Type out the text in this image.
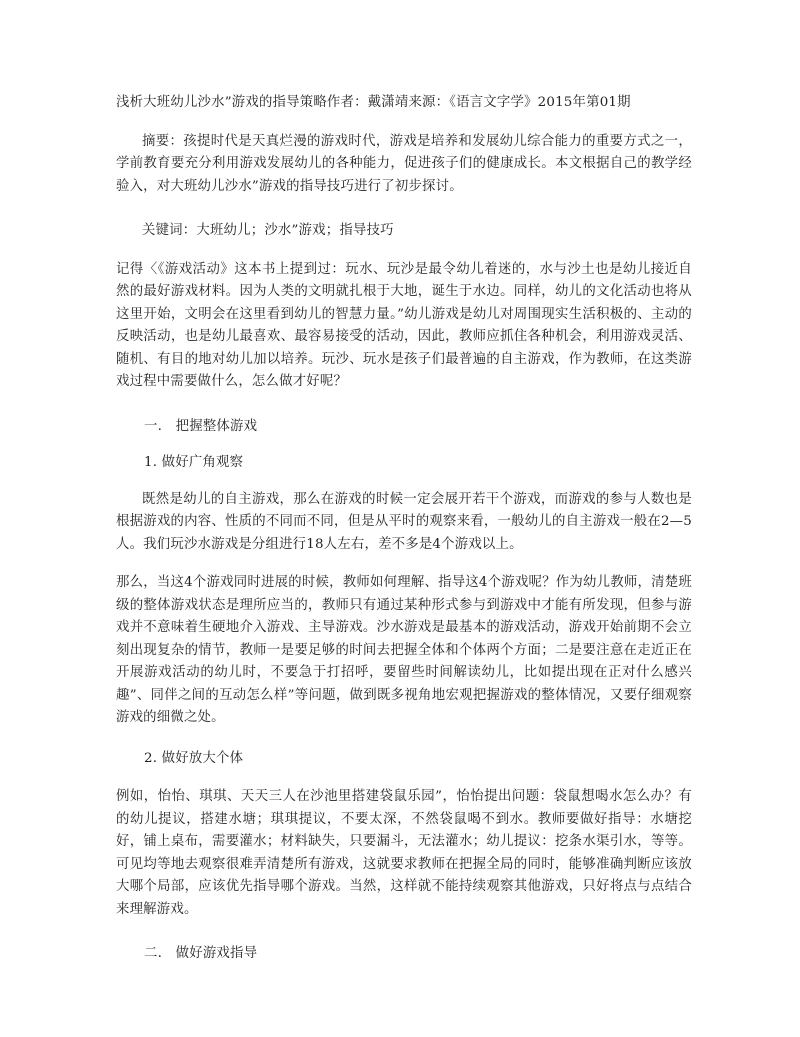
浅析大班幼儿沙水”游戏的指导策略作者：戴潇靖来源：《语言文字学》2015年第01期

摘要：孩提时代是天真烂漫的游戏时代，游戏是培养和发展幼儿综合能力的重要方式之一，学前教育要充分利用游戏发展幼儿的各种能力，促进孩子们的健康成长。本文根据自己的教学经验入，对大班幼儿沙水”游戏的指导技巧进行了初步探讨。

关键词：大班幼儿；沙水”游戏；指导技巧

记得〈《游戏活动》这本书上提到过：玩水、玩沙是最令幼儿着迷的，水与沙土也是幼儿接近自然的最好游戏材料。因为人类的文明就扎根于大地，诞生于水边。同样，幼儿的文化活动也将从这里开始，文明会在这里看到幼儿的智慧力量。”幼儿游戏是幼儿对周围现实生活积极的、主动的反映活动，也是幼儿最喜欢、最容易接受的活动，因此，教师应抓住各种机会，利用游戏灵活、随机、有目的地对幼儿加以培养。玩沙、玩水是孩子们最普遍的自主游戏，作为教师，在这类游戏过程中需要做什么，怎么做才好呢？

一.　把握整体游戏

1. 做好广角观察

既然是幼儿的自主游戏，那么在游戏的时候一定会展开若干个游戏，而游戏的参与人数也是根据游戏的内容、性质的不同而不同，但是从平时的观察来看，一般幼儿的自主游戏一般在2—5人。我们玩沙水游戏是分组进行18人左右，差不多是4个游戏以上。

那么，当这4个游戏同时进展的时候，教师如何理解、指导这4个游戏呢？作为幼儿教师，清楚班级的整体游戏状态是理所应当的，教师只有通过某种形式参与到游戏中才能有所发现，但参与游戏并不意味着生硬地介入游戏、主导游戏。沙水游戏是最基本的游戏活动，游戏开始前期不会立刻出现复杂的情节，教师一是要足够的时间去把握全体和个体两个方面；二是要注意在走近正在开展游戏活动的幼儿时，不要急于打招呼，要留些时间解读幼儿，比如提出现在正对什么感兴趣”、同伴之间的互动怎么样”等问题，做到既多视角地宏观把握游戏的整体情况，又要仔细观察游戏的细微之处。

2. 做好放大个体

例如，怡怡、琪琪、天天三人在沙池里搭建袋鼠乐园”，怡怡提出问题：袋鼠想喝水怎么办？有的幼儿提议，搭建水塘；琪琪提议，不要太深，不然袋鼠喝不到水。教师要做好指导：水塘挖好，铺上桌布，需要灌水；材料缺失，只要漏斗，无法灌水；幼儿提议：挖条水渠引水，等等。可见均等地去观察很难弄清楚所有游戏，这就要求教师在把握全局的同时，能够准确判断应该放大哪个局部，应该优先指导哪个游戏。当然，这样就不能持续观察其他游戏，只好将点与点结合来理解游戏。

二.　做好游戏指导
